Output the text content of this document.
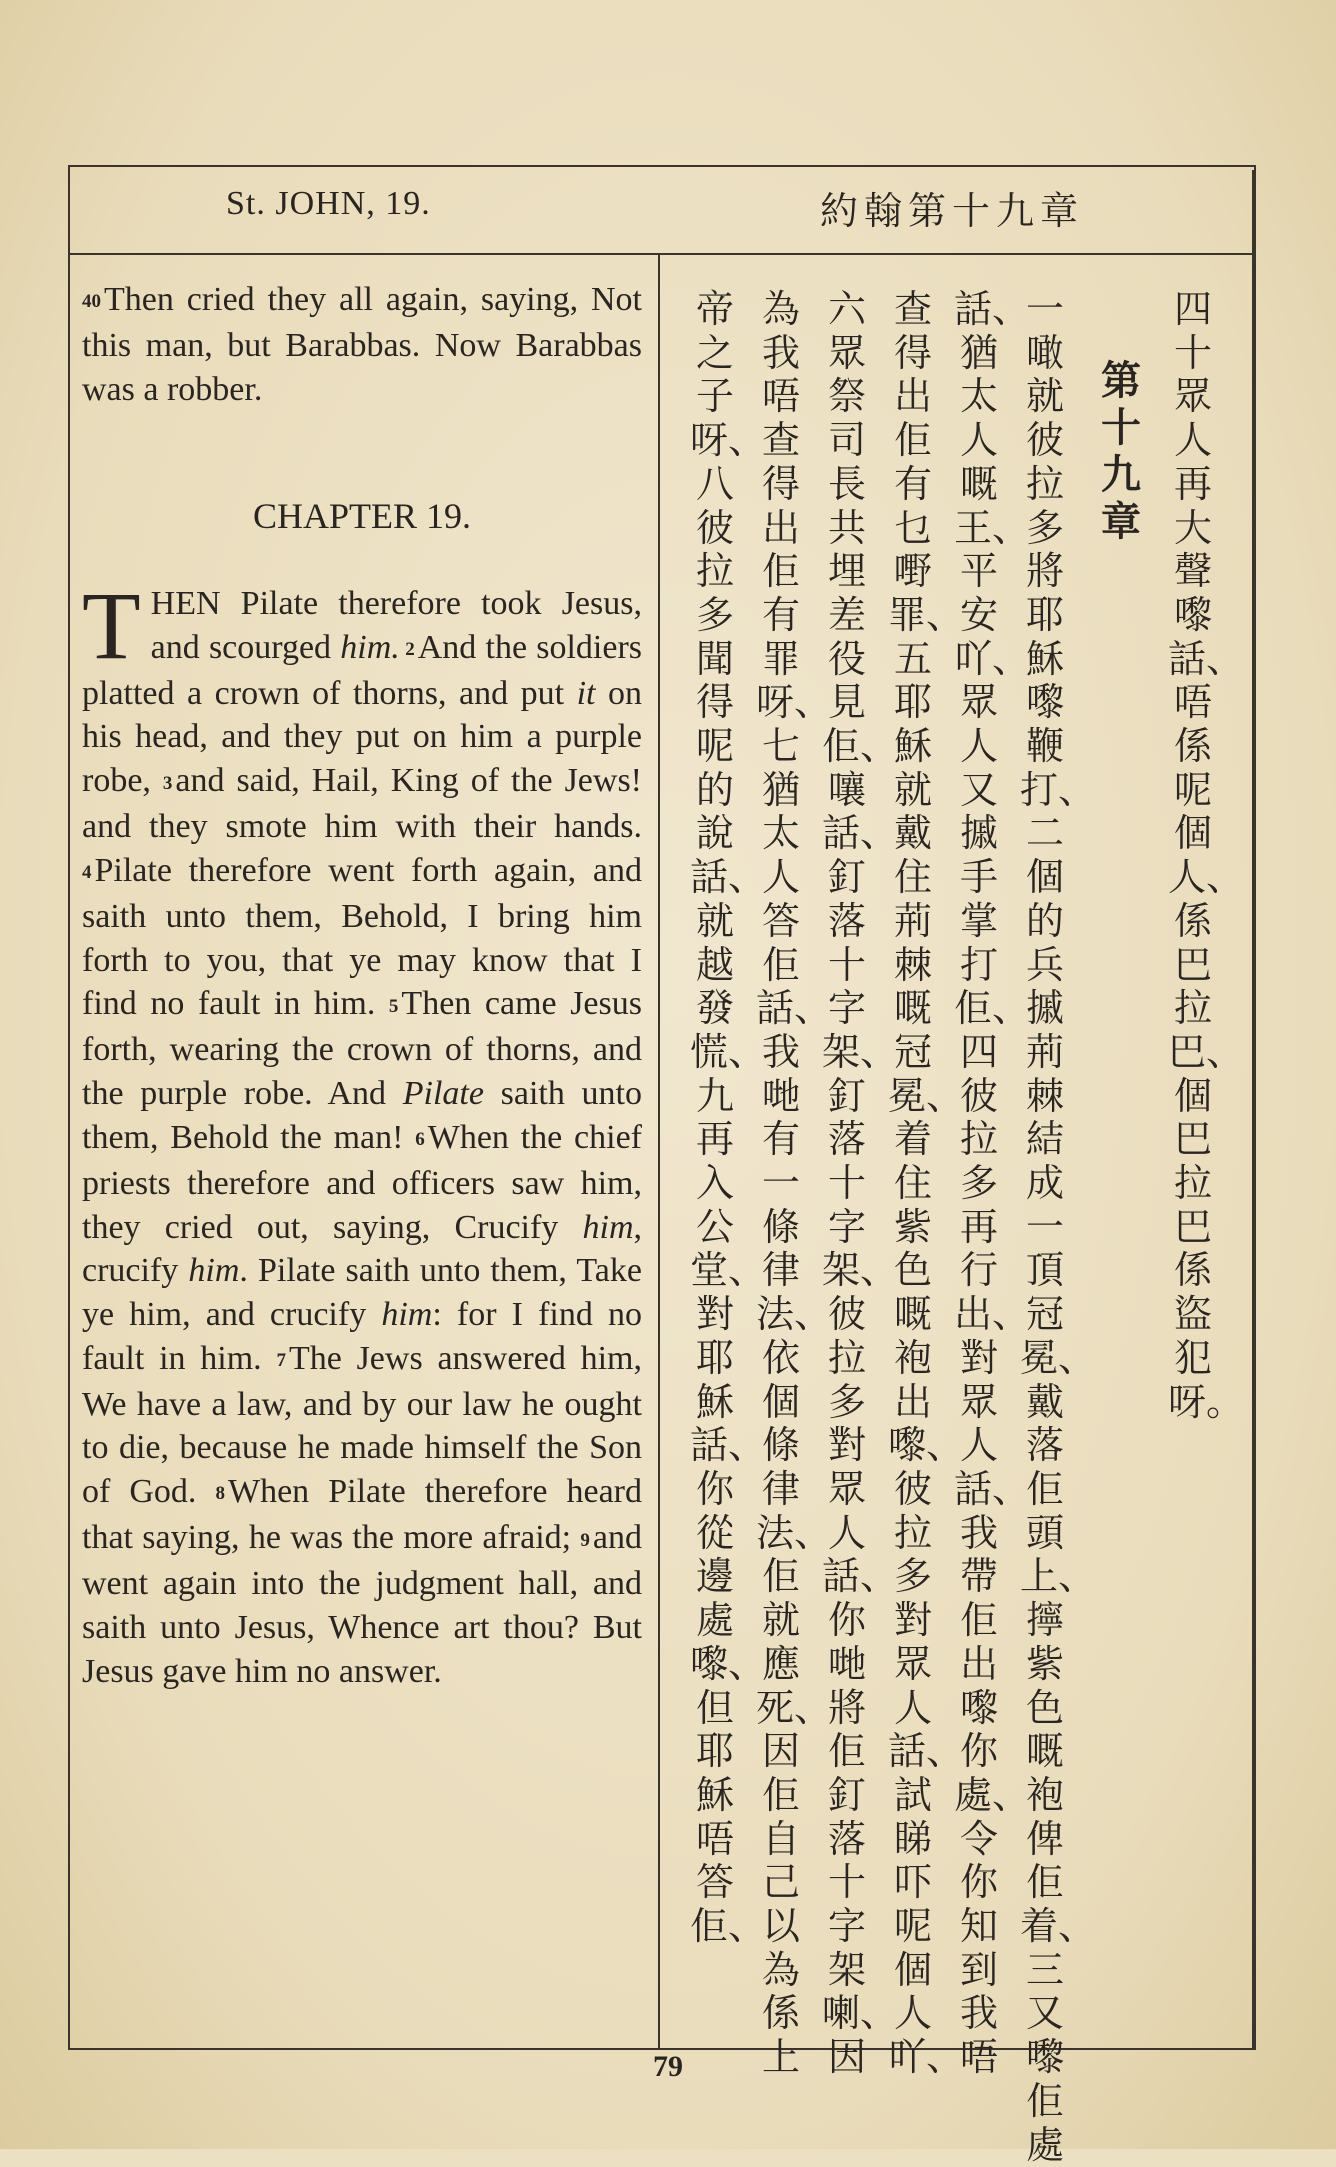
St. JOHN, 19.	約翰第十九章
40Then cried they all again, saying, Not this man, but Barabbas. Now Barabbas was a robber.
CHAPTER 19.
THEN Pilate therefore took Jesus, and scourged him. 2And the soldiers platted a crown of thorns, and put it on his head, and they put on him a purple robe, 3and said, Hail, King of the Jews! and they smote him with their hands. 4Pilate therefore went forth again, and saith unto them, Behold, I bring him forth to you, that ye may know that I find no fault in him. 5Then came Jesus forth, wearing the crown of thorns, and the purple robe. And Pilate saith unto them, Behold the man! 6When the chief priests therefore and officers saw him, they cried out, saying, Crucify him, crucify him. Pilate saith unto them, Take ye him, and crucify him: for I find no fault in him. 7The Jews answered him, We have a law, and by our law he ought to die, because he made himself the Son of God. 8When Pilate therefore heard that saying, he was the more afraid; 9and went again into the judgment hall, and saith unto Jesus, Whence art thou? But Jesus gave him no answer.
第十九章
四十眾人再大聲嚟話、唔係呢個人、係巴拉巴、個巴拉巴係盜犯呀。
一噉就彼拉多將耶穌嚟鞭打、二個的兵摵荊棘結成一頂冠冕、戴落佢頭上、擰紫色嘅袍俾佢着、三又嚟佢處
話、猶太人嘅王、平安吖、眾人又摵手掌打佢、四彼拉多再行出、對眾人話、我帶佢出嚟你處、令你知到我唔
查得出佢有乜嘢罪、五耶穌就戴住荊棘嘅冠冕、着住紫色嘅袍出嚟、彼拉多對眾人話、試睇吓呢個人吖、
六眾祭司長共埋差役見佢、嚷話、釘落十字架、釘落十字架、彼拉多對眾人話、你哋將佢釘落十字架喇、因
為我唔查得出佢有罪呀、七猶太人答佢話、我哋有一條律法、依個條律法、佢就應死、因佢自己以為係上
帝之子呀、八彼拉多聞得呢的說話、就越發慌、九再入公堂、對耶穌話、你從邊處嚟、但耶穌唔答佢、
79
